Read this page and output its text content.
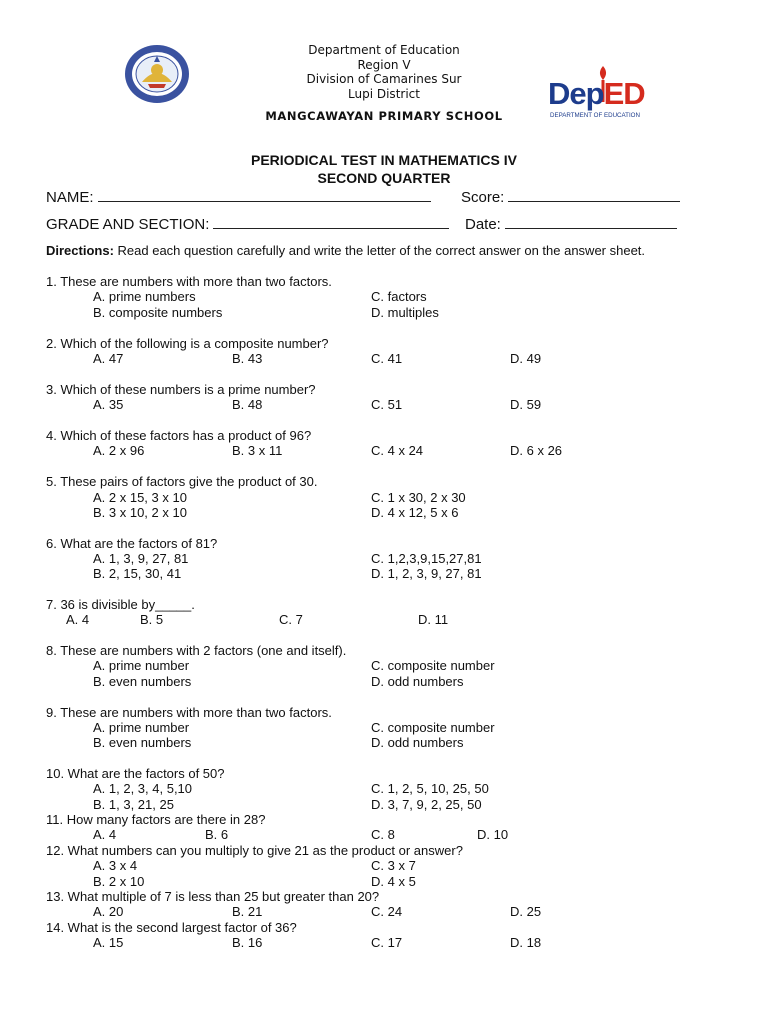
Department of Education
Region V
Division of Camarines Sur
Lupi District
MANGCAWAYAN PRIMARY SCHOOL
DepED
DEPARTMENT OF EDUCATION
PERIODICAL TEST IN MATHEMATICS IV
SECOND QUARTER
NAME:	Score:
GRADE AND SECTION:	Date:
Directions: Read each question carefully and write the letter of the correct answer on the answer sheet.
1. These are numbers with more than two factors.
A. prime numbers
B. composite numbers
C. factors
D. multiples
2. Which of the following is a composite number?
A. 47	B. 43	C. 41	D. 49
3. Which of these numbers is a prime number?
A. 35	B. 48	C. 51	D. 59
4. Which of these factors has a product of 96?
A. 2 x 96	B. 3 x 11	C. 4 x 24	D. 6 x 26
5. These pairs of factors give the product of 30.
A. 2 x 15, 3 x 10
B. 3 x 10, 2 x 10
C. 1 x 30, 2 x 30
D. 4 x 12, 5 x 6
6. What are the factors of 81?
A. 1, 3, 9, 27, 81
B. 2, 15, 30, 41
C. 1,2,3,9,15,27,81
D. 1, 2, 3, 9, 27, 81
7. 36 is divisible by_____.
A. 4	B. 5	C. 7	D. 11
8. These are numbers with 2 factors (one and itself).
A. prime number
B. even numbers
C. composite number
D. odd numbers
9. These are numbers with more than two factors.
A. prime number
B. even numbers
C. composite number
D. odd numbers
10. What are the factors of 50?
A. 1, 2, 3, 4, 5,10
B. 1, 3, 21, 25
C. 1, 2, 5, 10, 25, 50
D. 3, 7, 9, 2, 25, 50
11. How many factors are there in 28?
A. 4	B. 6	C. 8	D. 10
12. What numbers can you multiply to give 21 as the product or answer?
A. 3 x 4
B. 2 x 10
C. 3 x 7
D. 4 x 5
13. What multiple of 7 is less than 25 but greater than 20?
A. 20	B. 21	C. 24	D. 25
14. What is the second largest factor of 36?
A. 15	B. 16	C. 17	D. 18
